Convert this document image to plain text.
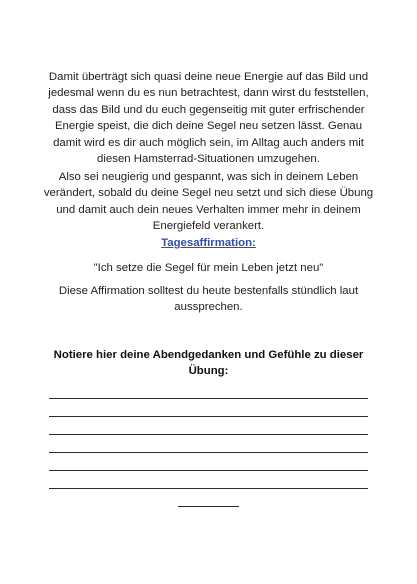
Damit überträgt sich quasi deine neue Energie auf das Bild und jedesmal wenn du es nun betrachtest, dann wirst du feststellen, dass das Bild und du euch gegenseitig mit guter erfrischender Energie speist, die dich deine Segel neu setzen lässt. Genau damit wird es dir auch möglich sein, im Alltag auch anders mit diesen Hamsterrad-Situationen umzugehen.

Also sei neugierig und gespannt, was sich in deinem Leben verändert, sobald du deine Segel neu setzt und sich diese Übung und damit auch dein neues Verhalten immer mehr in deinem Energiefeld verankert.

Tagesaffirmation:

"Ich setze die Segel für mein Leben jetzt neu"

Diese Affirmation solltest du heute bestenfalls stündlich laut aussprechen.

Notiere hier deine Abendgedanken und Gefühle zu dieser Übung:
